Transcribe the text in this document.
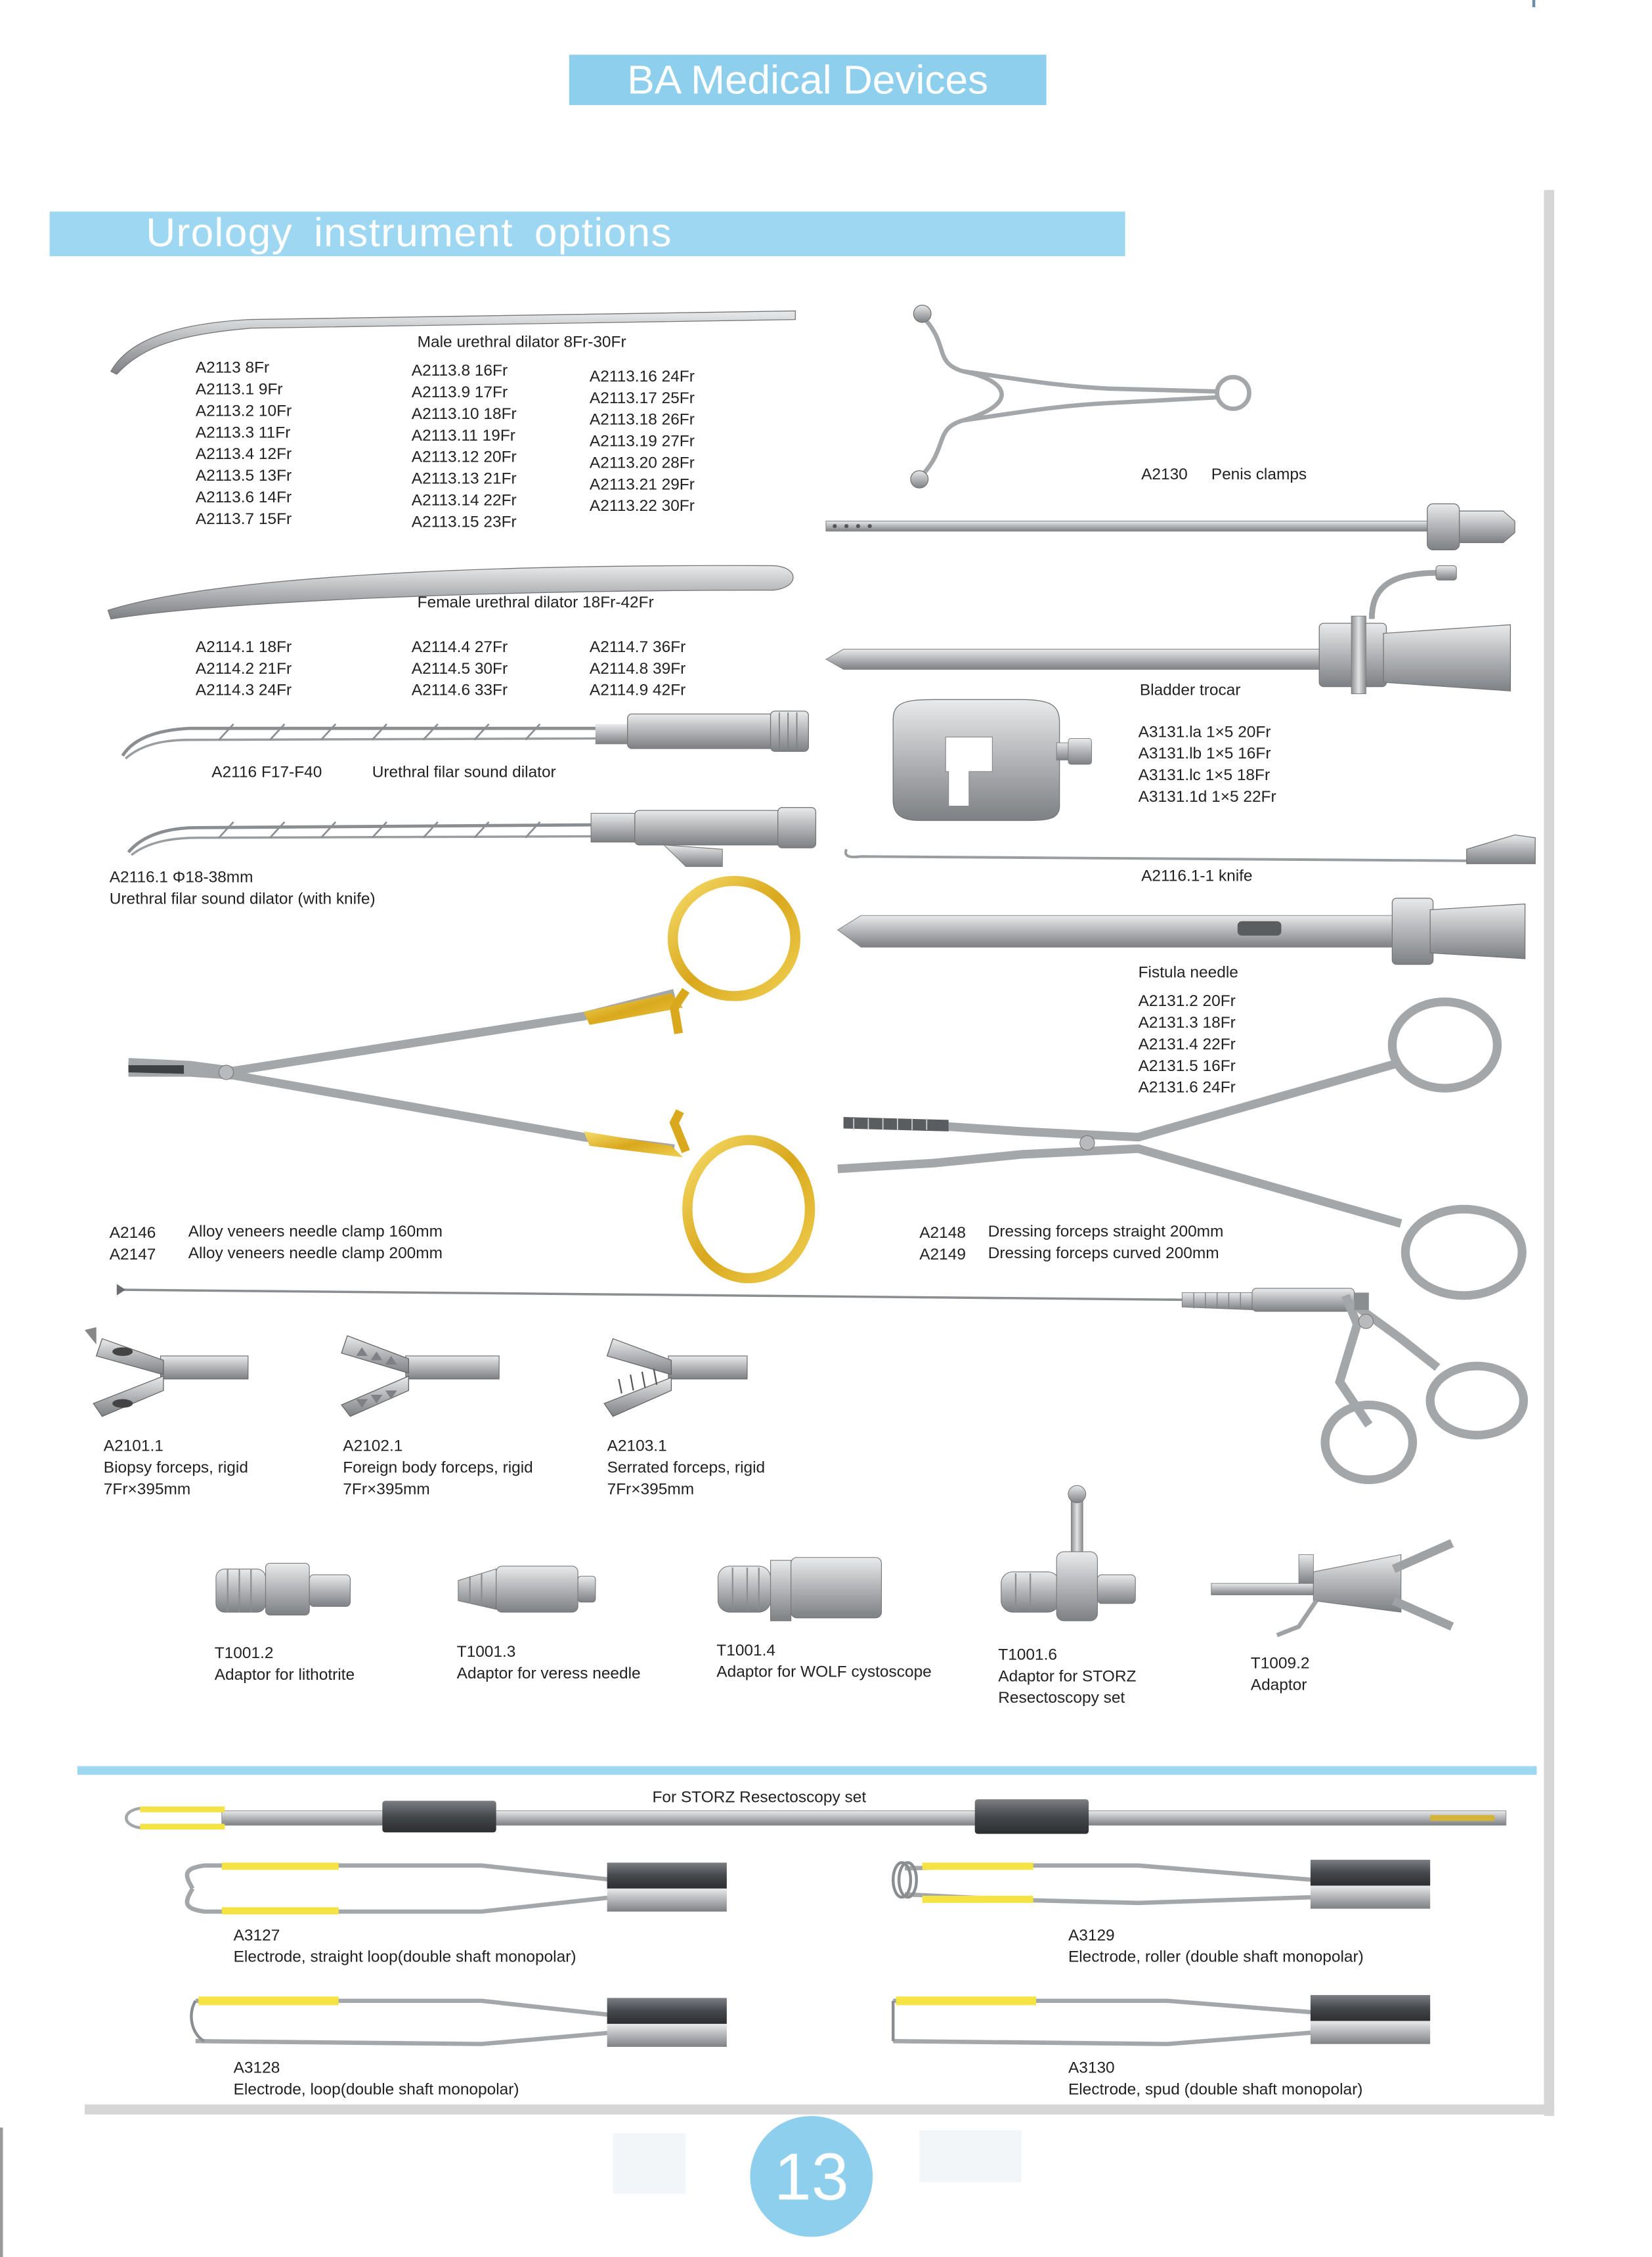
BA Medical Devices
Urology instrument options
Male urethral dilator 8Fr-30Fr
A2113 8Fr
A2113.1 9Fr
A2113.2 10Fr
A2113.3 11Fr
A2113.4 12Fr
A2113.5 13Fr
A2113.6 14Fr
A2113.7 15Fr
A2113.8 16Fr
A2113.9 17Fr
A2113.10 18Fr
A2113.11 19Fr
A2113.12 20Fr
A2113.13 21Fr
A2113.14 22Fr
A2113.15 23Fr
A2113.16 24Fr
A2113.17 25Fr
A2113.18 26Fr
A2113.19 27Fr
A2113.20 28Fr
A2113.21 29Fr
A2113.22 30Fr
Female urethral dilator 18Fr-42Fr
A2114.1 18Fr
A2114.2 21Fr
A2114.3 24Fr
A2114.4 27Fr
A2114.5 30Fr
A2114.6 33Fr
A2114.7 36Fr
A2114.8 39Fr
A2114.9 42Fr
A2116 F17-F40	Urethral filar sound dilator
A2116.1 Φ18-38mm
Urethral filar sound dilator (with knife)
A2130	Penis clamps
Bladder trocar
A3131.la 1×5 20Fr
A3131.lb 1×5 16Fr
A3131.lc 1×5 18Fr
A3131.1d 1×5 22Fr
A2116.1-1 knife
Fistula needle
A2131.2 20Fr
A2131.3 18Fr
A2131.4 22Fr
A2131.5 16Fr
A2131.6 24Fr
A2146
A2147
Alloy veneers needle clamp 160mm
Alloy veneers needle clamp 200mm
A2148
A2149
Dressing forceps straight 200mm
Dressing forceps curved 200mm
A2101.1
Biopsy forceps, rigid
7Fr×395mm
A2102.1
Foreign body forceps, rigid
7Fr×395mm
A2103.1
Serrated forceps, rigid
7Fr×395mm
T1001.2
Adaptor for lithotrite
T1001.3
Adaptor for veress needle
T1001.4
Adaptor for WOLF cystoscope
T1001.6
Adaptor for STORZ
Resectoscopy set
T1009.2
Adaptor
For STORZ Resectoscopy set
A3127
Electrode, straight loop(double shaft monopolar)
A3129
Electrode, roller (double shaft monopolar)
A3128
Electrode, loop(double shaft monopolar)
A3130
Electrode, spud (double shaft monopolar)
13
